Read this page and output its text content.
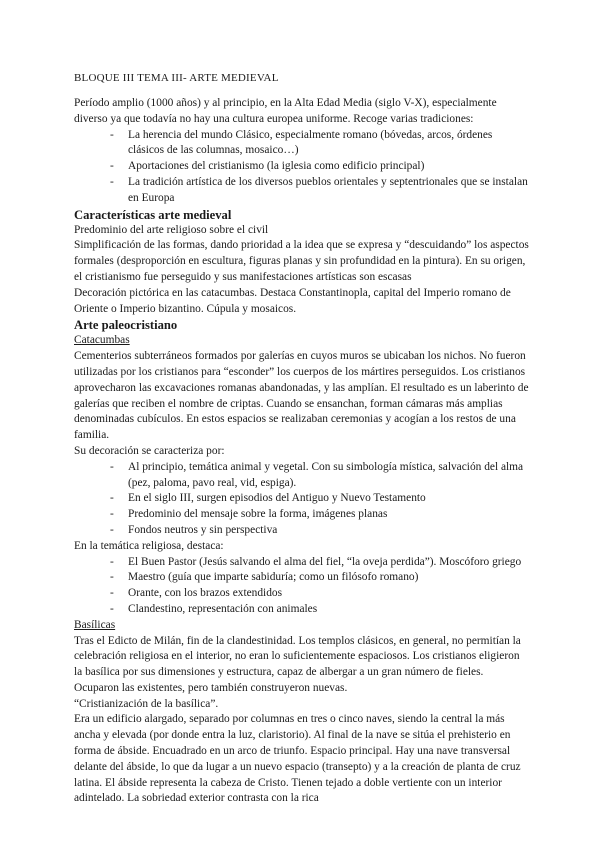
BLOQUE III TEMA III- ARTE MEDIEVAL

Período amplio (1000 años) y al principio, en la Alta Edad Media (siglo V-X), especialmente diverso ya que todavía no hay una cultura europea uniforme. Recoge varias tradiciones:

- La herencia del mundo Clásico, especialmente romano (bóvedas, arcos, órdenes clásicos de las columnas, mosaico…)
- Aportaciones del cristianismo (la iglesia como edificio principal)
- La tradición artística de los diversos pueblos orientales y septentrionales que se instalan en Europa

Características arte medieval

Predominio del arte religioso sobre el civil

Simplificación de las formas, dando prioridad a la idea que se expresa y “descuidando” los aspectos formales (desproporción en escultura, figuras planas y sin profundidad en la pintura). En su origen, el cristianismo fue perseguido y sus manifestaciones artísticas son escasas

Decoración pictórica en las catacumbas. Destaca Constantinopla, capital del Imperio romano de Oriente o Imperio bizantino. Cúpula y mosaicos.

Arte paleocristiano

Catacumbas

Cementerios subterráneos formados por galerías en cuyos muros se ubicaban los nichos. No fueron utilizadas por los cristianos para “esconder” los cuerpos de los mártires perseguidos. Los cristianos aprovecharon las excavaciones romanas abandonadas, y las amplían. El resultado es un laberinto de galerías que reciben el nombre de criptas. Cuando se ensanchan, forman cámaras más amplias denominadas cubículos. En estos espacios se realizaban ceremonias y acogían a los restos de una familia.

Su decoración se caracteriza por:

- Al principio, temática animal y vegetal. Con su simbología mística, salvación del alma (pez, paloma, pavo real, vid, espiga).
- En el siglo III, surgen episodios del Antiguo y Nuevo Testamento
- Predominio del mensaje sobre la forma, imágenes planas
- Fondos neutros y sin perspectiva

En la temática religiosa, destaca:

- El Buen Pastor (Jesús salvando el alma del fiel, “la oveja perdida”). Moscóforo griego
- Maestro (guía que imparte sabiduría; como un filósofo romano)
- Orante, con los brazos extendidos
- Clandestino, representación con animales

Basílicas

Tras el Edicto de Milán, fin de la clandestinidad. Los templos clásicos, en general, no permitían la celebración religiosa en el interior, no eran lo suficientemente espaciosos. Los cristianos eligieron la basílica por sus dimensiones y estructura, capaz de albergar a un gran número de fieles. Ocuparon las existentes, pero también construyeron nuevas.

“Cristianización de la basílica”.

Era un edificio alargado, separado por columnas en tres o cinco naves, siendo la central la más ancha y elevada (por donde entra la luz, claristorio). Al final de la nave se sitúa el prehisterio en forma de ábside. Encuadrado en un arco de triunfo. Espacio principal. Hay una nave transversal delante del ábside, lo que da lugar a un nuevo espacio (transepto) y a la creación de planta de cruz latina. El ábside representa la cabeza de Cristo. Tienen tejado a doble vertiente con un interior adintelado. La sobriedad exterior contrasta con la rica
